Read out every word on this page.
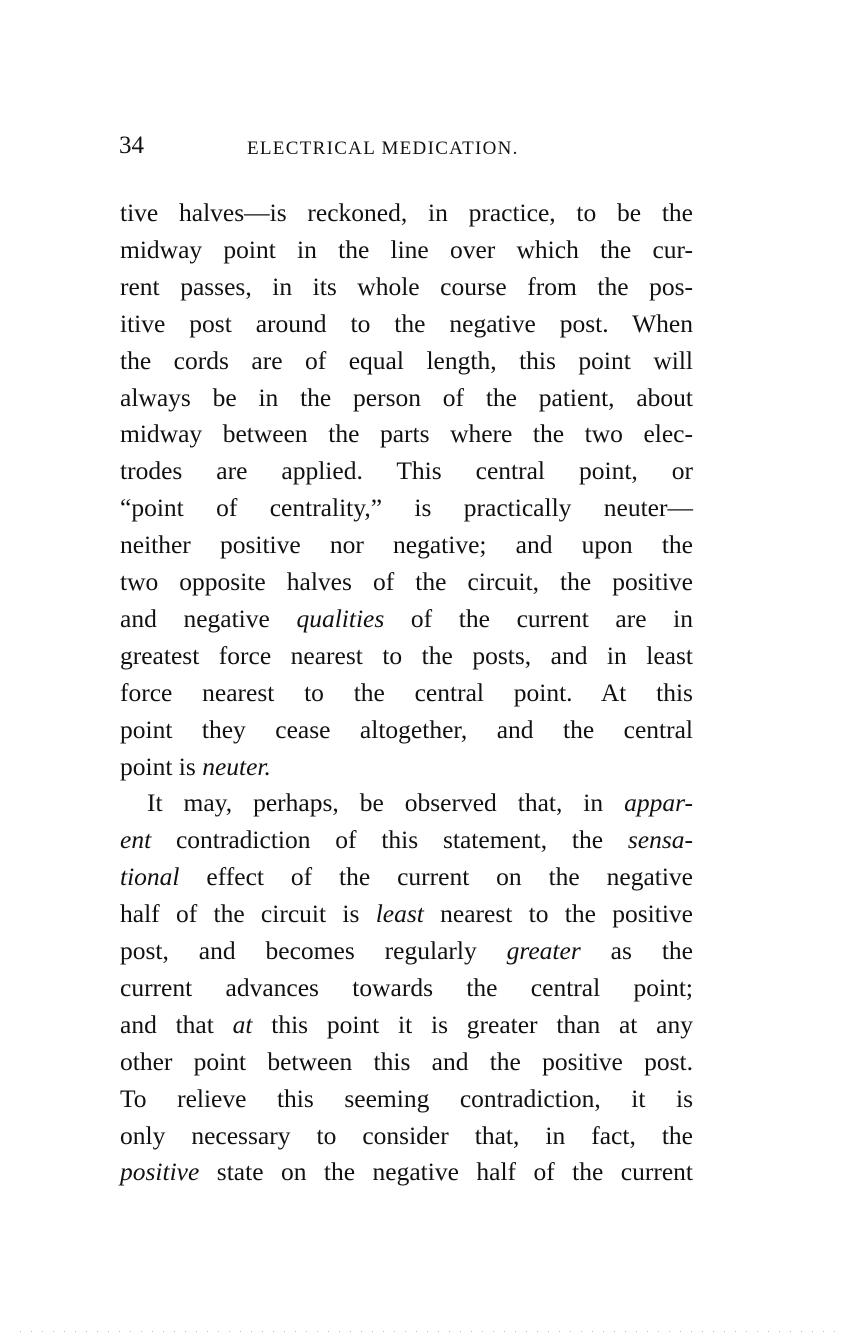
34	ELECTRICAL MEDICATION.
tive halves—is reckoned, in practice, to be the
midway point in the line over which the cur-
rent passes, in its whole course from the pos-
itive post around to the negative post. When
the cords are of equal length, this point will
always be in the person of the patient, about
midway between the parts where the two elec-
trodes are applied. This central point, or
“point of centrality,” is practically neuter—
neither positive nor negative; and upon the
two opposite halves of the circuit, the positive
and negative qualities of the current are in
greatest force nearest to the posts, and in least
force nearest to the central point. At this
point they cease altogether, and the central
point is neuter.
It may, perhaps, be observed that, in appar-
ent contradiction of this statement, the sensa-
tional effect of the current on the negative
half of the circuit is least nearest to the positive
post, and becomes regularly greater as the
current advances towards the central point;
and that at this point it is greater than at any
other point between this and the positive post.
To relieve this seeming contradiction, it is
only necessary to consider that, in fact, the
positive state on the negative half of the current
